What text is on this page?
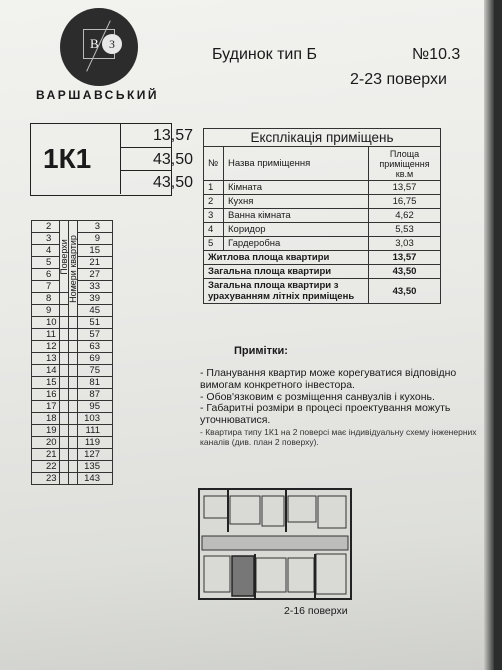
В З
ВАРШАВСЬКИЙ
Будинок тип Б	№10.3
2-23 поверхи
1К1
13,57
43,50
43,50
Експлікація приміщень		
№	Назва приміщення	Площа приміщення кв.м
1	Кімната	13,57
2	Кухня	16,75
3	Ванна кімната	4,62
4	Коридор	5,53
5	Гардеробна	3,03
Житлова площа квартири		13,57
Загальна площа квартири		43,50
Загальна площа квартири з урахуванням літніх приміщень		43,50
2	Поверхи	Номери квартир	3
3			9
4			15
5			21
6			27
7			33
8			39
9			45
10			51
11			57
12			63
13			69
14			75
15			81
16			87
17			95
18			103
19			111
20			119
21			127
22			135
23			143
Примітки:
- Планування квартир може корегуватися відповідно вимогам конкретного інвестора.
- Обов'язковим є розміщення санвузлів і кухонь.
- Габаритні розміри в процесі проектування можуть уточнюватися.
- Квартира типу 1К1 на 2 поверсі має індивідуальну схему інженерних каналів (див. план 2 поверху).
2-16 поверхи
